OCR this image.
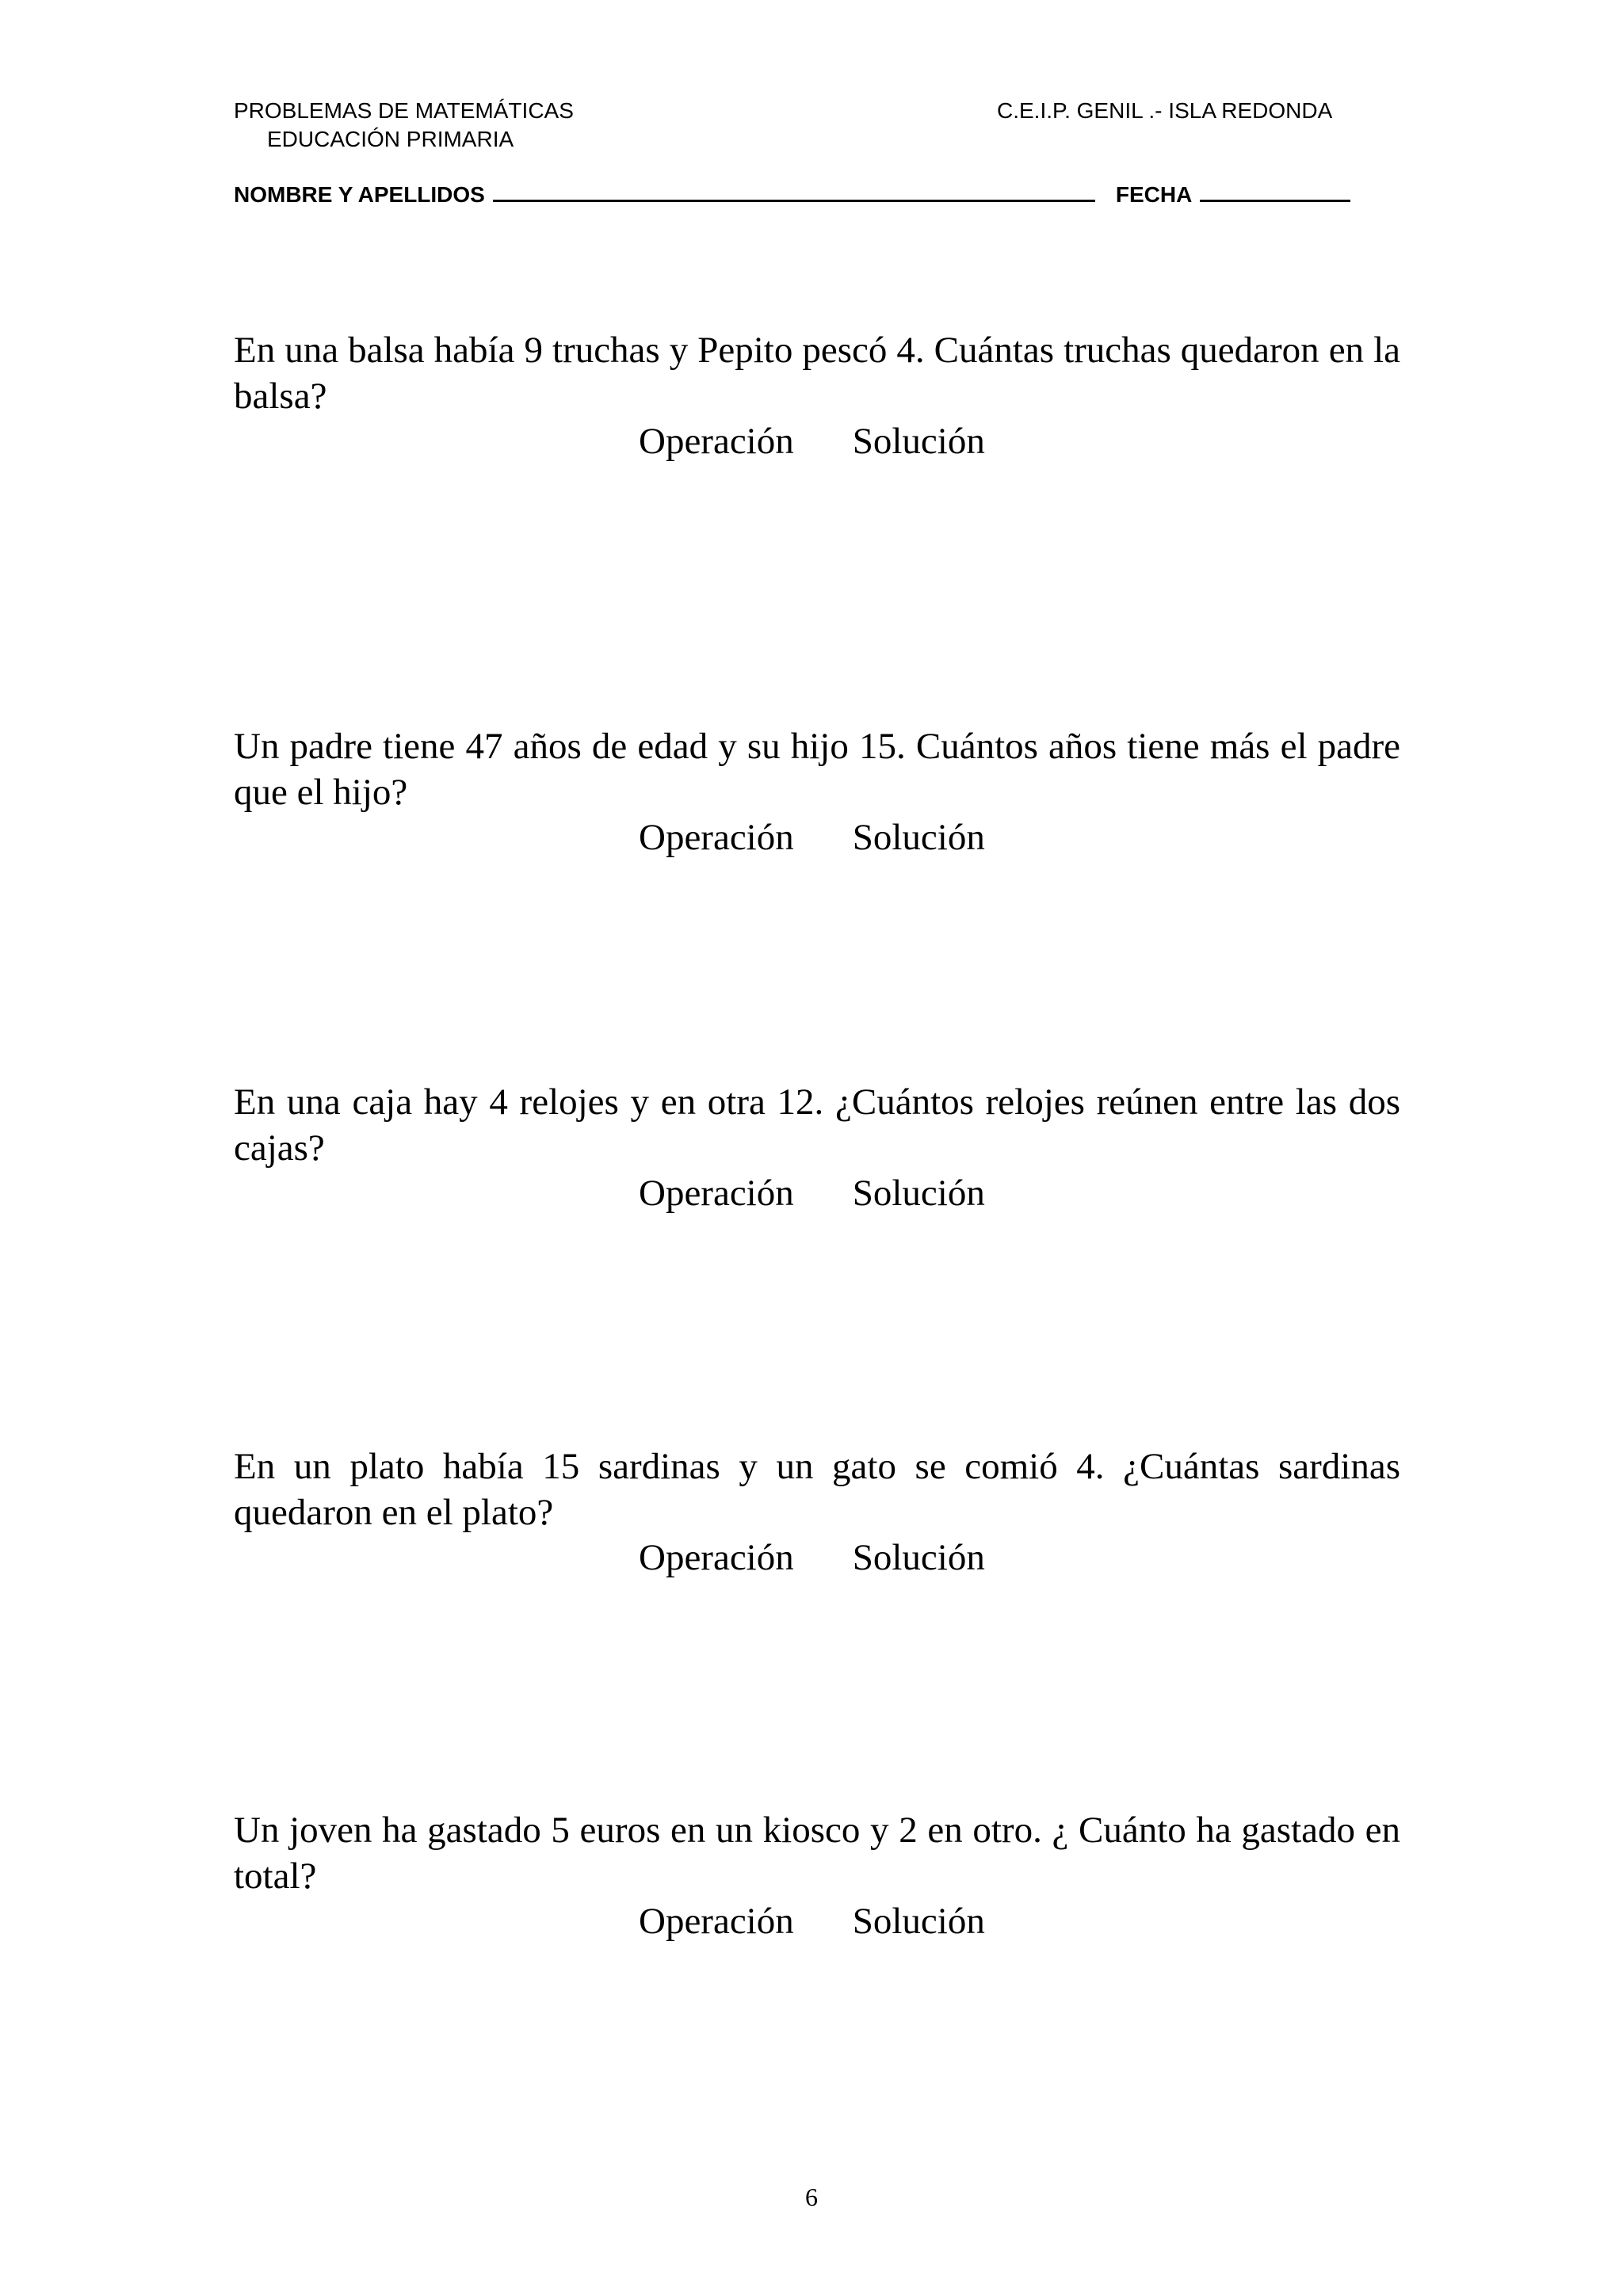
PROBLEMAS DE MATEMÁTICAS
EDUCACIÓN PRIMARIA
C.E.I.P. GENIL .- ISLA REDONDA
NOMBRE Y APELLIDOS	FECHA

En una balsa había 9 truchas y Pepito pescó 4. Cuántas truchas quedaron en la balsa?

Operación Solución

Un padre tiene 47 años de edad y su hijo 15. Cuántos años tiene más el padre que el hijo?

Operación Solución

En una caja hay 4 relojes y en otra 12. ¿Cuántos relojes reúnen entre las dos cajas?

Operación Solución

En un plato había 15 sardinas y un gato se comió 4. ¿Cuántas sardinas quedaron en el plato?

Operación Solución

Un joven ha gastado 5 euros en un kiosco y 2 en otro. ¿ Cuánto ha gastado en total?

Operación Solución
6
